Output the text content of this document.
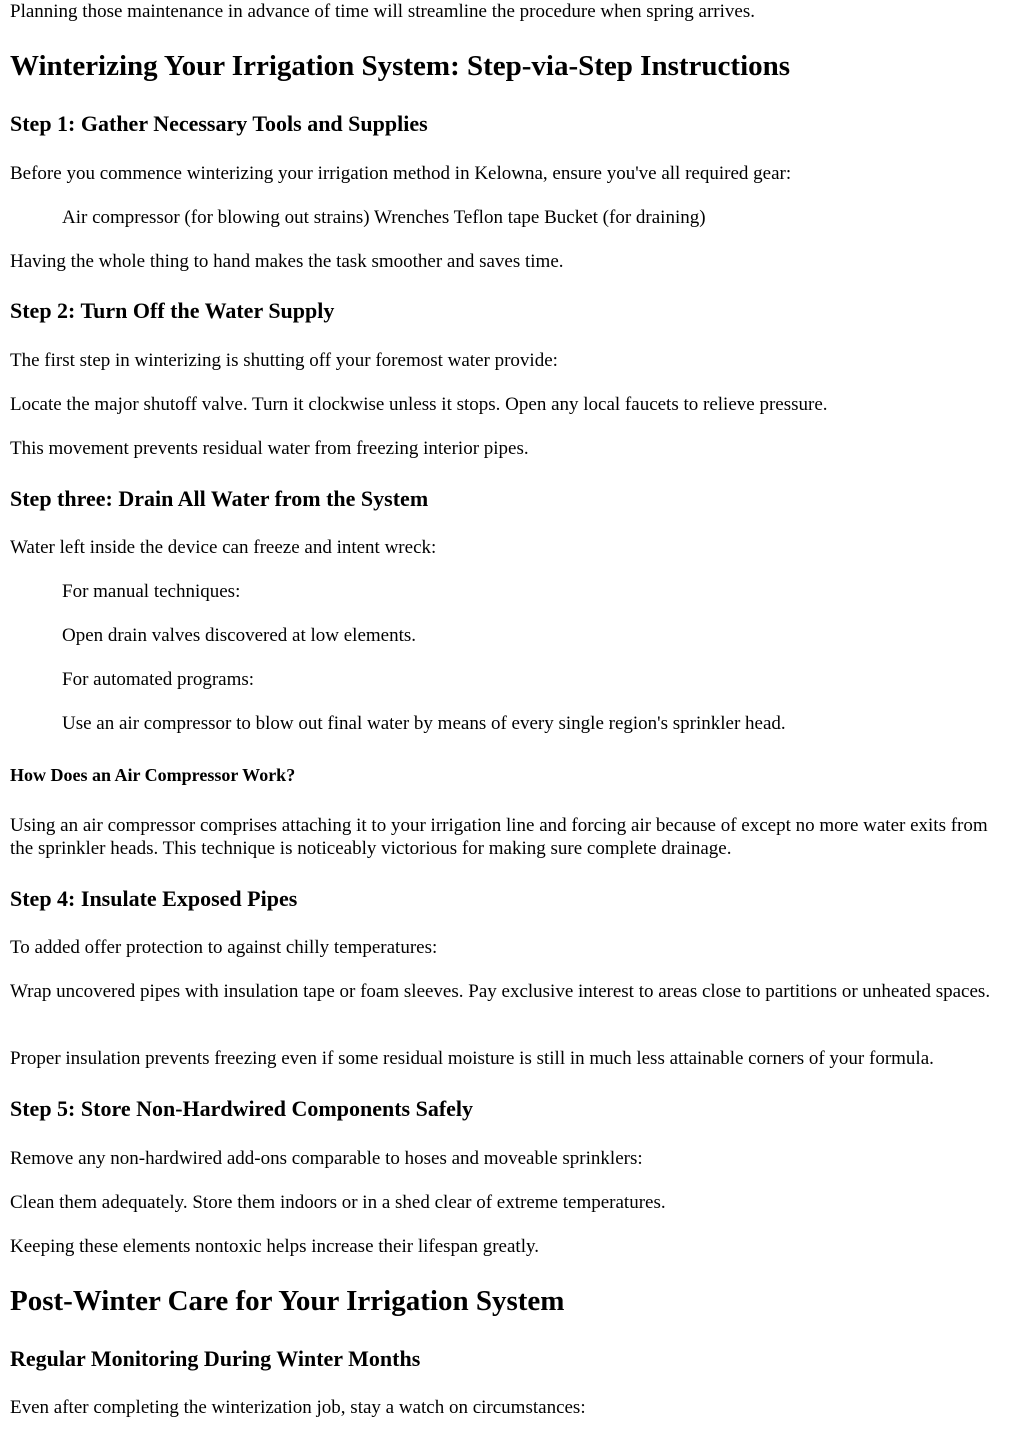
Planning those maintenance in advance of time will streamline the procedure when spring arrives.

Winterizing Your Irrigation System: Step-via-Step Instructions
Step 1: Gather Necessary Tools and Supplies

Before you commence winterizing your irrigation method in Kelowna, ensure you've all required gear:

Air compressor (for blowing out strains) Wrenches Teflon tape Bucket (for draining)

Having the whole thing to hand makes the task smoother and saves time.

Step 2: Turn Off the Water Supply

The first step in winterizing is shutting off your foremost water provide:

Locate the major shutoff valve. Turn it clockwise unless it stops. Open any local faucets to relieve pressure.

This movement prevents residual water from freezing interior pipes.

Step three: Drain All Water from the System

Water left inside the device can freeze and intent wreck:

For manual techniques:

Open drain valves discovered at low elements.

For automated programs:

Use an air compressor to blow out final water by means of every single region's sprinkler head.

How Does an Air Compressor Work?

Using an air compressor comprises attaching it to your irrigation line and forcing air because of except no more water exits from the sprinkler heads. This technique is noticeably victorious for making sure complete drainage.

Step 4: Insulate Exposed Pipes

To added offer protection to against chilly temperatures:

Wrap uncovered pipes with insulation tape or foam sleeves. Pay exclusive interest to areas close to partitions or unheated spaces.

Proper insulation prevents freezing even if some residual moisture is still in much less attainable corners of your formula.

Step 5: Store Non-Hardwired Components Safely

Remove any non-hardwired add-ons comparable to hoses and moveable sprinklers:

Clean them adequately. Store them indoors or in a shed clear of extreme temperatures.

Keeping these elements nontoxic helps increase their lifespan greatly.

Post-Winter Care for Your Irrigation System
Regular Monitoring During Winter Months

Even after completing the winterization job, stay a watch on circumstances:
